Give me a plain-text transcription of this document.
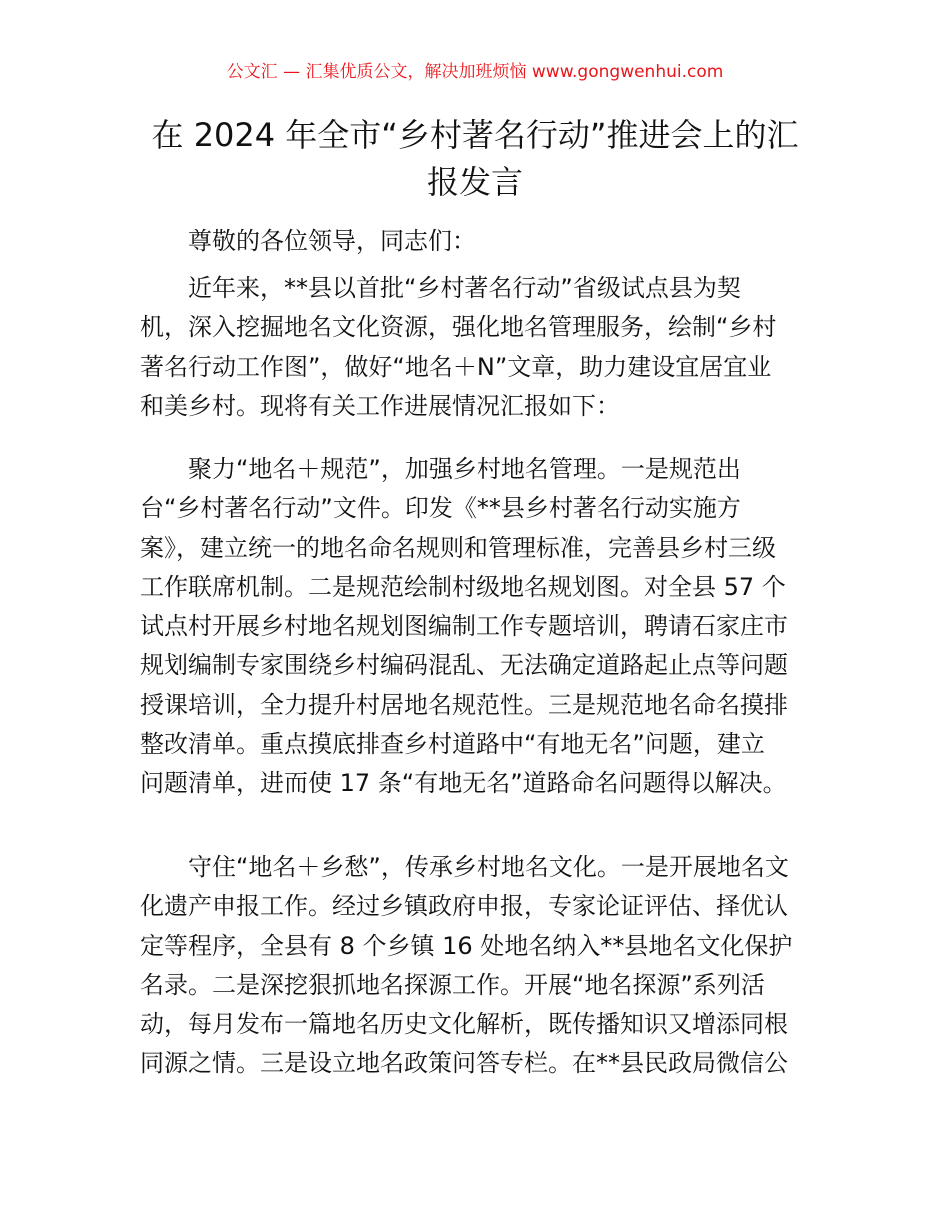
公文汇 — 汇集优质公文，解决加班烦恼 www.gongwenhui.com
在 2024 年全市“乡村著名行动”推进会上的汇
报发言
尊敬的各位领导，同志们：
近年来，**县以首批“乡村著名行动”省级试点县为契
机，深入挖掘地名文化资源，强化地名管理服务，绘制“乡村
著名行动工作图”，做好“地名＋N”文章，助力建设宜居宜业
和美乡村。现将有关工作进展情况汇报如下：
聚力“地名＋规范”，加强乡村地名管理。一是规范出
台“乡村著名行动”文件。印发《**县乡村著名行动实施方
案》，建立统一的地名命名规则和管理标准，完善县乡村三级
工作联席机制。二是规范绘制村级地名规划图。对全县 57 个
试点村开展乡村地名规划图编制工作专题培训，聘请石家庄市
规划编制专家围绕乡村编码混乱、无法确定道路起止点等问题
授课培训，全力提升村居地名规范性。三是规范地名命名摸排
整改清单。重点摸底排查乡村道路中“有地无名”问题，建立
问题清单，进而使 17 条“有地无名”道路命名问题得以解决。
守住“地名＋乡愁”，传承乡村地名文化。一是开展地名文
化遗产申报工作。经过乡镇政府申报，专家论证评估、择优认
定等程序，全县有 8 个乡镇 16 处地名纳入**县地名文化保护
名录。二是深挖狠抓地名探源工作。开展“地名探源”系列活
动，每月发布一篇地名历史文化解析，既传播知识又增添同根
同源之情。三是设立地名政策问答专栏。在**县民政局微信公
